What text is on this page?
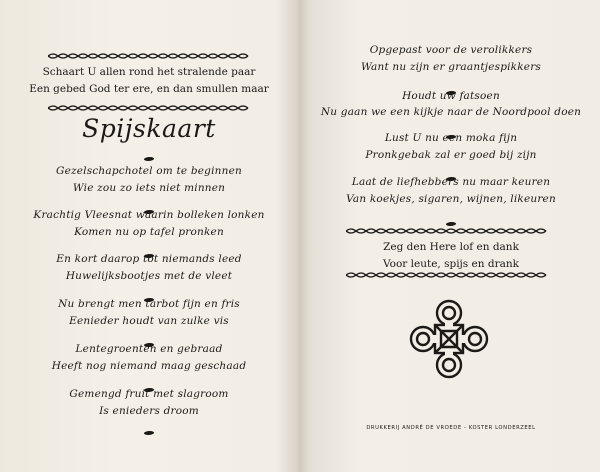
Schaart U allen rond het stralende paar
Een gebed God ter ere, en dan smullen maar
Spijskaart
Gezelschapchotel om te beginnen
Wie zou zo iets niet minnen
Krachtig Vleesnat waarin bolleken lonken
Komen nu op tafel pronken
En kort daarop tot niemands leed
Huwelijksbootjes met de vleet
Nu brengt men tarbot fijn en fris
Eenieder houdt van zulke vis
Lentegroenten en gebraad
Heeft nog niemand maag geschaad
Gemengd fruit met slagroom
Is enieders droom
Opgepast voor de verolikkers
Want nu zijn er graantjespikkers
Houdt uw fatsoen
Nu gaan we een kijkje naar de Noordpool doen
Lust U nu een moka fijn
Pronkgebak zal er goed bij zijn
Laat de liefhebbers nu maar keuren
Van koekjes, sigaren, wijnen, likeuren
Zeg den Here lof en dank
Voor leute, spijs en drank
DRUKKERIJ ANDRÉ DE VROEDE - KOSTER LONDERZEEL
